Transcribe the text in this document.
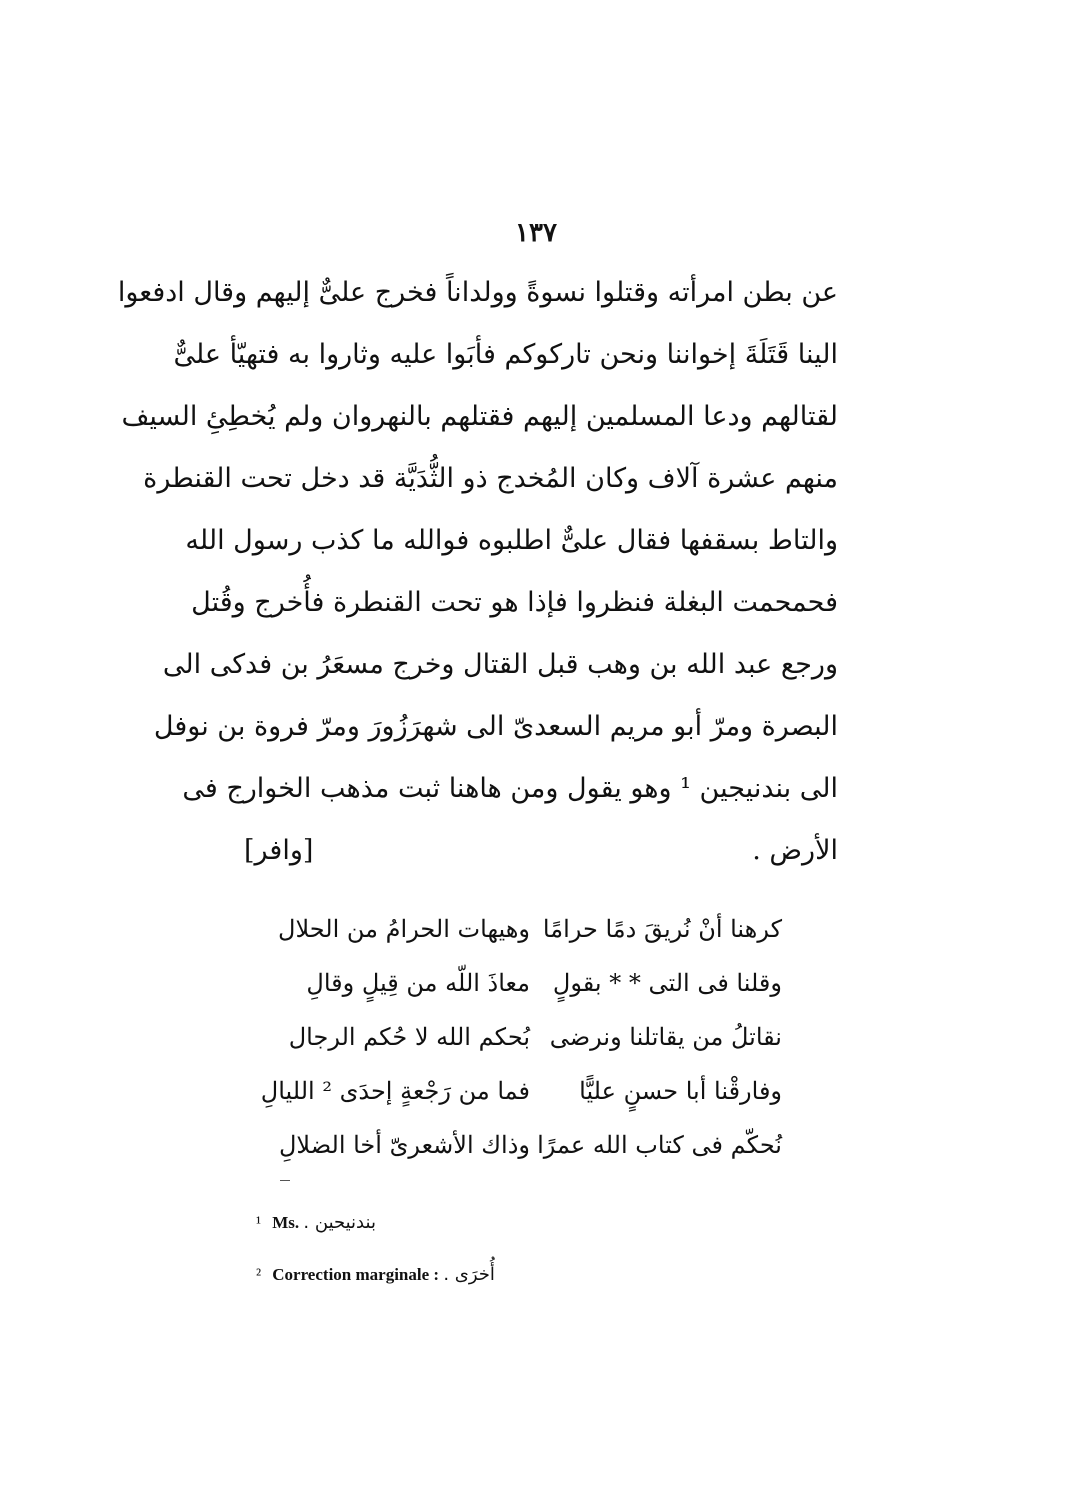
١٣٧
عن بطن امرأته وقتلوا نسوةً وولداناً فخرج علىٌّ إليهم وقال ادفعوا
الينا قَتَلَةَ إخواننا ونحن تاركوكم فأبَوا عليه وثاروا به فتهيّأ علىٌّ
لقتالهم ودعا المسلمين إليهم فقتلهم بالنهروان ولم يُخطِئِ السيف
منهم عشرة آلاف وكان المُخدج ذو الثُّدَيَّة قد دخل تحت القنطرة
والتاط بسقفها فقال علىٌّ اطلبوه فوالله ما كذب رسول الله
فحمحمت البغلة فنظروا فإذا هو تحت القنطرة فأُخرج وقُتل
ورجع عبد الله بن وهب قبل القتال وخرج مسعَرُ بن فدكى الى
البصرة ومرّ أبو مريم السعدىّ الى شهرَزُورَ ومرّ فروة بن نوفل
الى بندنيجين ¹ وهو يقول ومن هاهنا ثبت مذهب الخوارج فى
الأرض .
[وافر]
كرهنا أنْ نُريقَ دمًا حرامًا
وهيهات الحرامُ من الحلال
وقلنا فى التى * * بقولٍ
معاذَ اللّه من قِيلٍ وقالِ
نقاتلُ من يقاتلنا ونرضى
بُحكم الله لا حُكم الرجال
وفارقْنا أبا حسنٍ عليًّا
فما من رَجْعةٍ إحدَى ² الليالِ
نُحكّم فى كتاب الله عمرًا
وذاك الأشعرىّ أخا الضلالِ
¹ Ms. بندنيحين .
² Correction marginale : أُخرَى .
